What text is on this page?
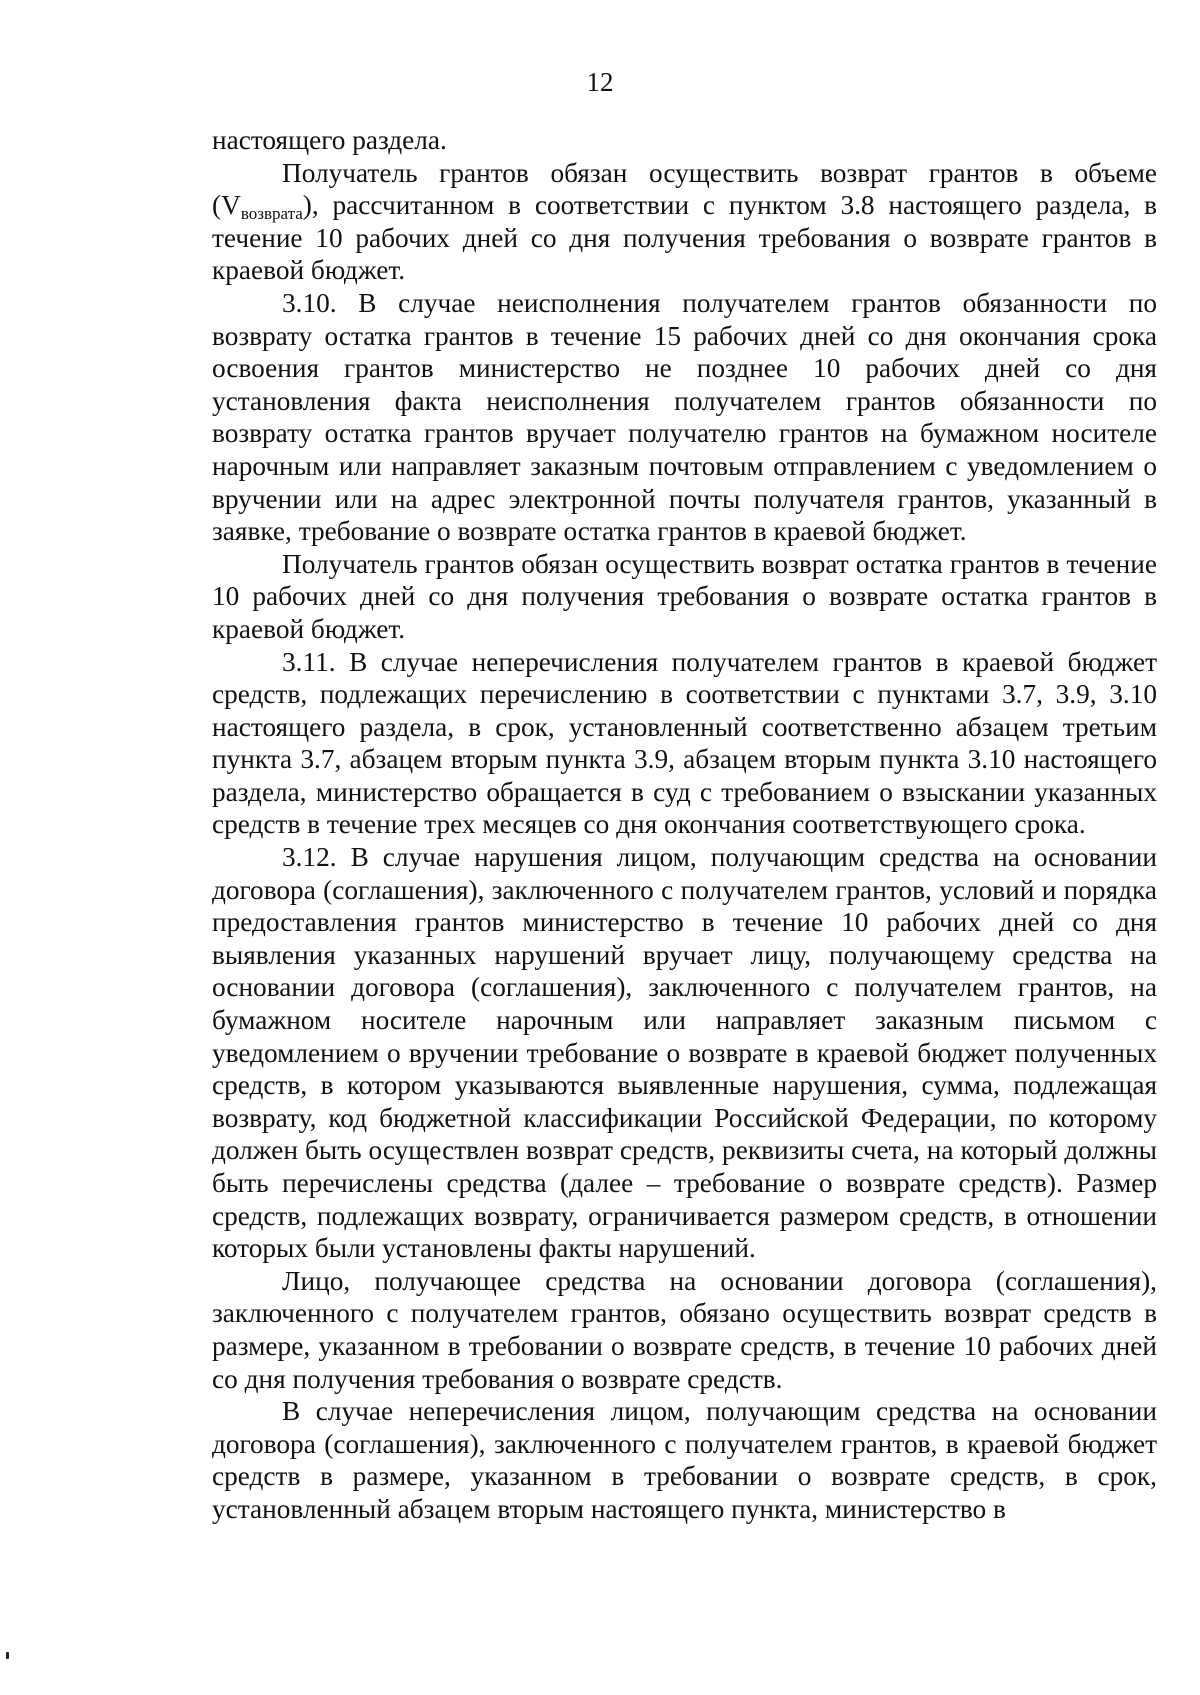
12

настоящего раздела.

Получатель грантов обязан осуществить возврат грантов в объеме $(V_{возврата})$, рассчитанном в соответствии с пунктом 3.8 настоящего раздела, в течение 10 рабочих дней со дня получения требования о возврате грантов в краевой бюджет.

3.10. В случае неисполнения получателем грантов обязанности по возврату остатка грантов в течение 15 рабочих дней со дня окончания срока освоения грантов министерство не позднее 10 рабочих дней со дня установления факта неисполнения получателем грантов обязанности по возврату остатка грантов вручает получателю грантов на бумажном носителе нарочным или направляет заказным почтовым отправлением с уведомлением о вручении или на адрес электронной почты получателя грантов, указанный в заявке, требование о возврате остатка грантов в краевой бюджет.

Получатель грантов обязан осуществить возврат остатка грантов в течение 10 рабочих дней со дня получения требования о возврате остатка грантов в краевой бюджет.

3.11. В случае неперечисления получателем грантов в краевой бюджет средств, подлежащих перечислению в соответствии с пунктами 3.7, 3.9, 3.10 настоящего раздела, в срок, установленный соответственно абзацем третьим пункта 3.7, абзацем вторым пункта 3.9, абзацем вторым пункта 3.10 настоящего раздела, министерство обращается в суд с требованием о взыскании указанных средств в течение трех месяцев со дня окончания соответствующего срока.

3.12. В случае нарушения лицом, получающим средства на основании договора (соглашения), заключенного с получателем грантов, условий и порядка предоставления грантов министерство в течение 10 рабочих дней со дня выявления указанных нарушений вручает лицу, получающему средства на основании договора (соглашения), заключенного с получателем грантов, на бумажном носителе нарочным или направляет заказным письмом с уведомлением о вручении требование о возврате в краевой бюджет полученных средств, в котором указываются выявленные нарушения, сумма, подлежащая возврату, код бюджетной классификации Российской Федерации, по которому должен быть осуществлен возврат средств, реквизиты счета, на который должны быть перечислены средства (далее – требование о возврате средств). Размер средств, подлежащих возврату, ограничивается размером средств, в отношении которых были установлены факты нарушений.

Лицо, получающее средства на основании договора (соглашения), заключенного с получателем грантов, обязано осуществить возврат средств в размере, указанном в требовании о возврате средств, в течение 10 рабочих дней со дня получения требования о возврате средств.

В случае неперечисления лицом, получающим средства на основании договора (соглашения), заключенного с получателем грантов, в краевой бюджет средств в размере, указанном в требовании о возврате средств, в срок, установленный абзацем вторым настоящего пункта, министерство в
